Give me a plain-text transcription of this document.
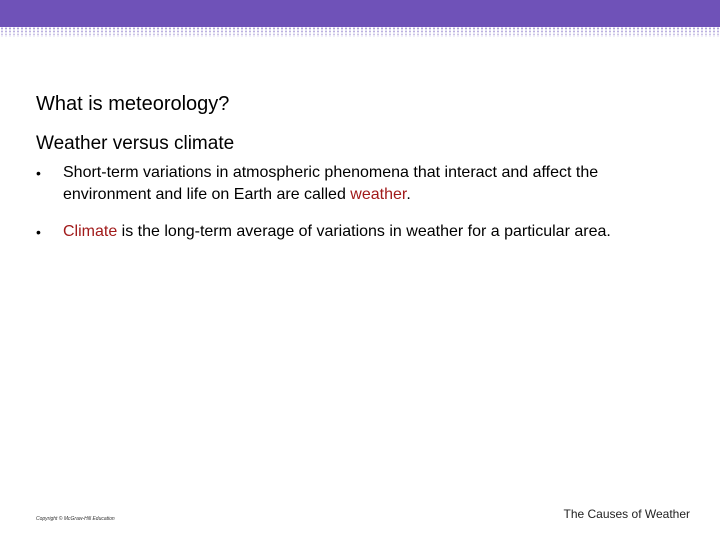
What is meteorology?
Weather versus climate
• Short-term variations in atmospheric phenomena that interact and affect the environment and life on Earth are called weather.
• Climate is the long-term average of variations in weather for a particular area.
Copyright © McGraw-Hill Education	The Causes of Weather
